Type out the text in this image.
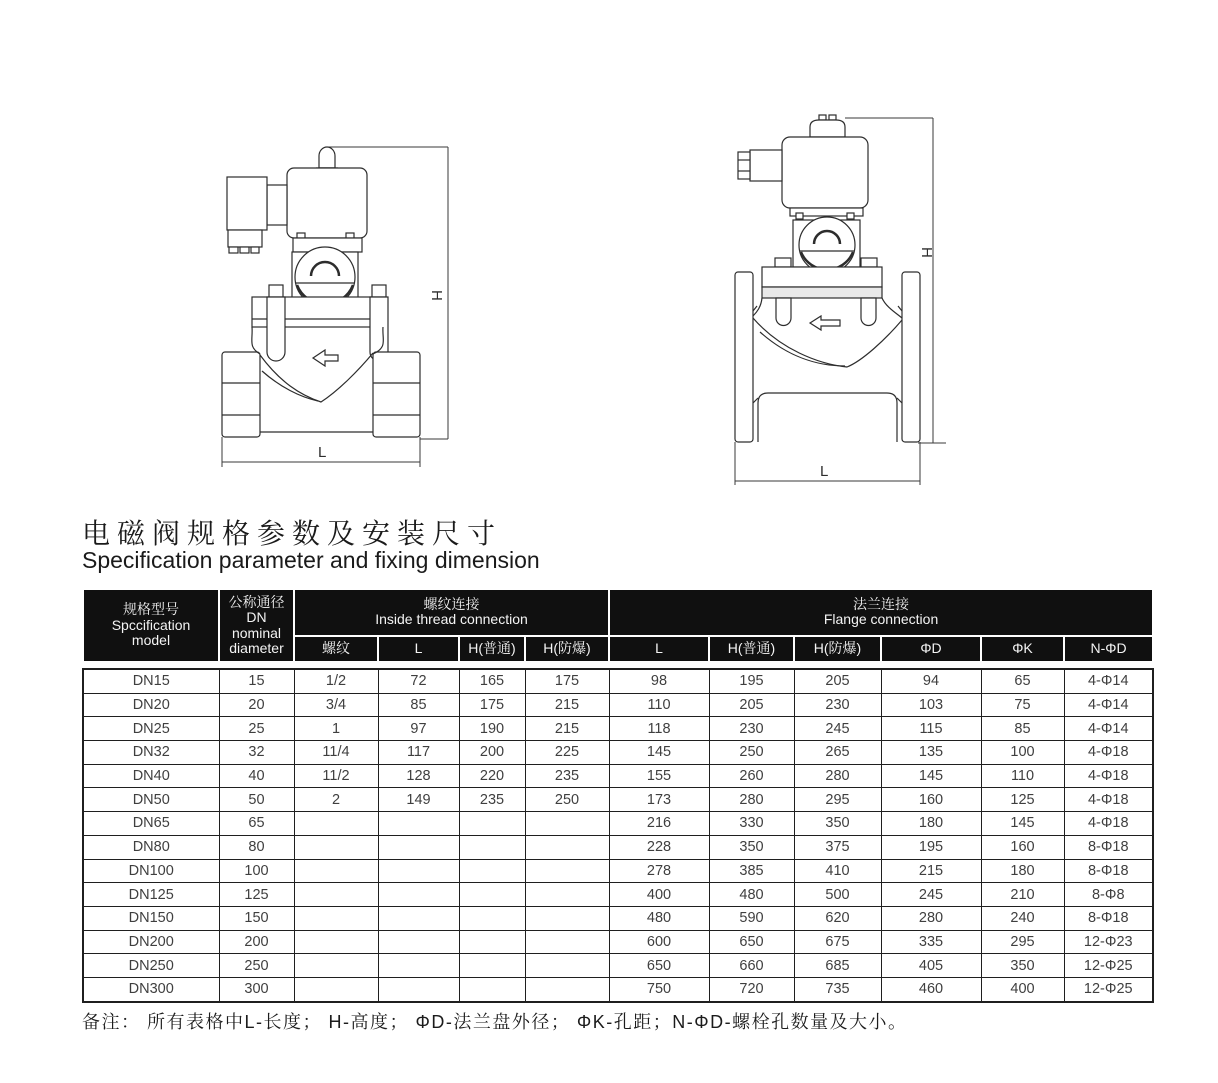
H
L
H
L
电磁阀规格参数及安装尺寸
Specification parameter and fixing dimension
规格型号
Spccification
model

公称通径
DN
nominal
diameter

螺纹连接
Inside thread connection

法兰连接
Flange connection

		螺纹	L	H(普通)	H(防爆)	L	H(普通)	H(防爆)	ΦD	ΦK	N-ΦD
DN15	15	1/2	72	165	175	98	195	205	94	65	4-Φ14
DN20	20	3/4	85	175	215	110	205	230	103	75	4-Φ14
DN25	25	1	97	190	215	118	230	245	115	85	4-Φ14
DN32	32	11/4	117	200	225	145	250	265	135	100	4-Φ18
DN40	40	11/2	128	220	235	155	260	280	145	110	4-Φ18
DN50	50	2	149	235	250	173	280	295	160	125	4-Φ18
DN65	65					216	330	350	180	145	4-Φ18
DN80	80					228	350	375	195	160	8-Φ18
DN100	100					278	385	410	215	180	8-Φ18
DN125	125					400	480	500	245	210	8-Φ8
DN150	150					480	590	620	280	240	8-Φ18
DN200	200					600	650	675	335	295	12-Φ23
DN250	250					650	660	685	405	350	12-Φ25
DN300	300					750	720	735	460	400	12-Φ25
备注： 所有表格中L-长度； H-高度； ΦD-法兰盘外径； ΦK-孔距；N-ΦD-螺栓孔数量及大小。
